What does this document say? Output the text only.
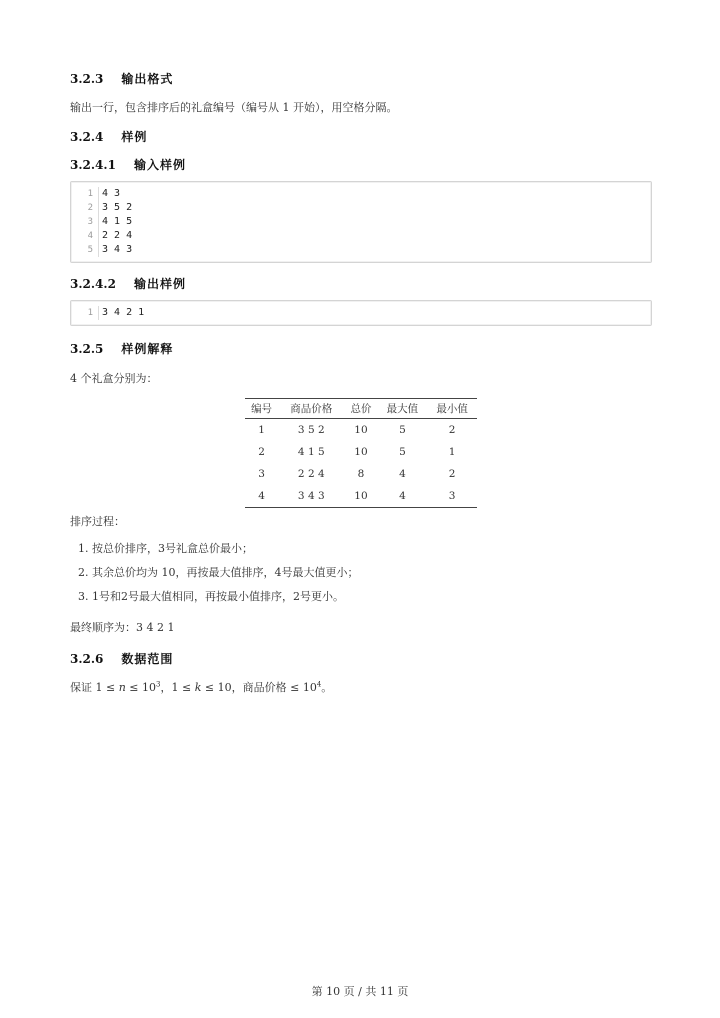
3.2.3 输出格式
输出一行，包含排序后的礼盒编号（编号从 1 开始），用空格分隔。
3.2.4 样例
3.2.4.1 输入样例
1 4 3
2 3 5 2
3 4 1 5
4 2 2 4
5 3 4 3
3.2.4.2 输出样例
1 3 4 2 1
3.2.5 样例解释
4 个礼盒分别为：
编号	商品价格	总价	最大值	最小值
1	3 5 2	10	5	2
2	4 1 5	10	5	1
3	2 2 4	8	4	2
4	3 4 3	10	4	3
排序过程：
1. 按总价排序，3号礼盒总价最小；
2. 其余总价均为 10，再按最大值排序，4号最大值更小；
3. 1号和2号最大值相同，再按最小值排序，2号更小。
最终顺序为：3 4 2 1
3.2.6 数据范围
保证 $1 \le n \le 10^3$，1 ≤ k ≤ 10，商品价格 ≤ $10^4$。
第 10 页 / 共 11 页
